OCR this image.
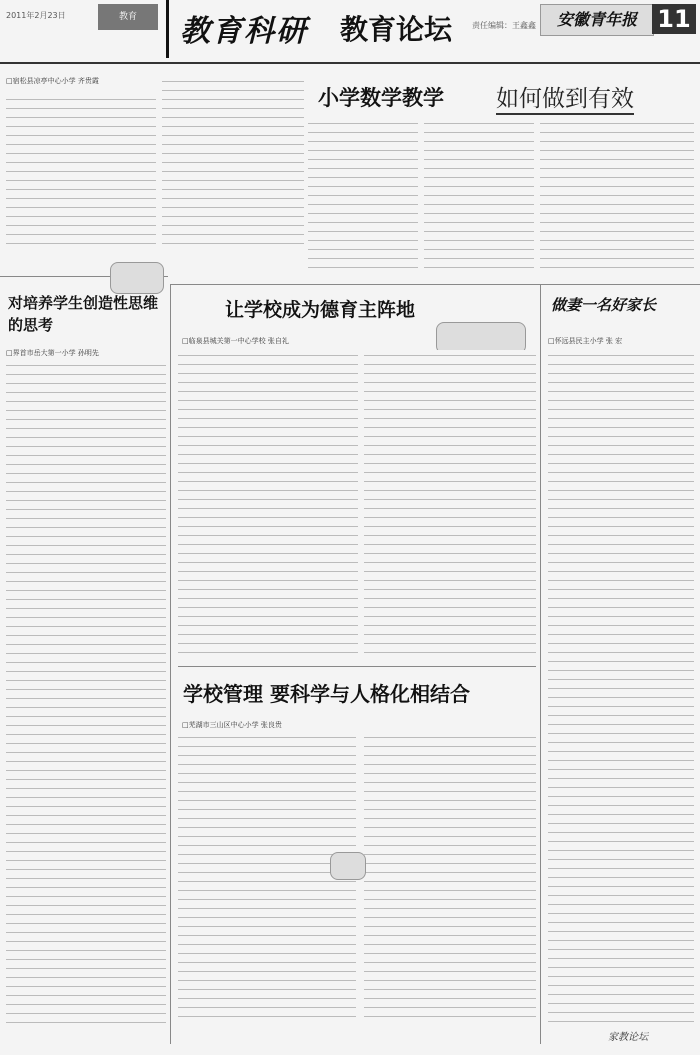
2011年2月23日	教育	教育科研 教育论坛 责任编辑：王鑫鑫	安徽青年报 11
□宿松县凉亭中心小学 齐贵霞
小学数学教学 如何做到有效
对培养学生创造性思维的思考
□界首市岳大第一小学 孙明先
让学校成为德育主阵地
□临泉县城关第一中心学校 张自礼
做妻一名好家长
□怀远县民主小学 张 宏
学校管理 要科学与人格化相结合
□芜湖市三山区中心小学 张良贵
家教论坛
